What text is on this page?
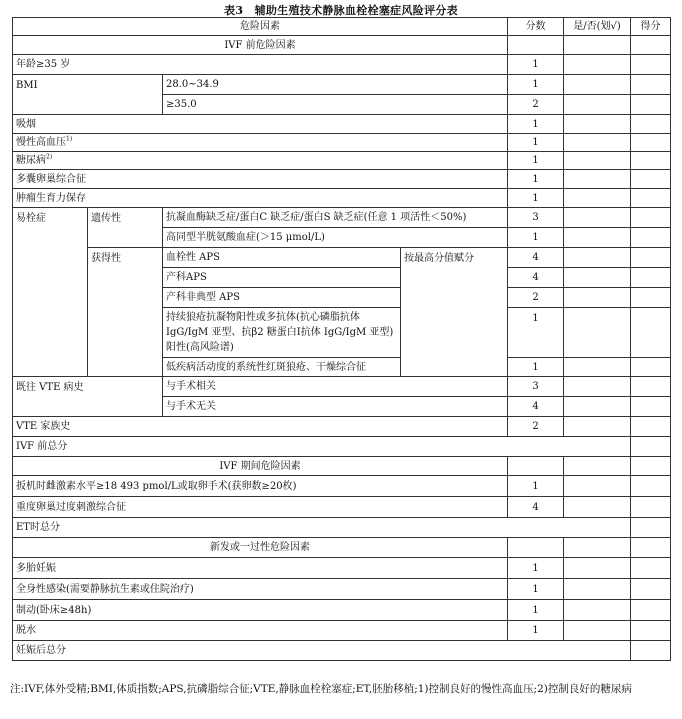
表3　辅助生殖技术静脉血栓栓塞症风险评分表
危险因素				分数	是/否(划√)	得分
IVF 前危险因素						
年龄≥35 岁				1		
BMI		28.0~34.9		1		
		≥35.0		2		
吸烟				1		
慢性高血压$^{1)}$				1		
糖尿病$^{2)}$				1		
多囊卵巢综合征				1		
肿瘤生育力保存				1		
易栓症	遗传性	抗凝血酶缺乏症/蛋白C 缺乏症/蛋白S 缺乏症(任意 1 项活性＜50%)		3		
		高同型半胱氨酸血症(＞15 μmol/L)		1		
	获得性	血栓性 APS	按最高分值赋分	4		
		产科APS		4		
		产科非典型 APS		2		
		持续狼疮抗凝物阳性或多抗体(抗心磷脂抗体 IgG/IgM 亚型、抗β2 糖蛋白Ⅰ抗体 IgG/IgM 亚型)阳性(高风险谱)		1		
		低疾病活动度的系统性红斑狼疮、干燥综合征		1		
既往 VTE 病史		与手术相关		3		
		与手术无关		4		
VTE 家族史				2		
IVF 前总分						
IVF 期间危险因素						
扳机时雌激素水平≥18 493 pmol/L或取卵手术(获卵数≥20枚)				1		
重度卵巢过度刺激综合征				4		
ET时总分						
新发或一过性危险因素						
多胎妊娠				1		
全身性感染(需要静脉抗生素或住院治疗)				1		
制动(卧床≥48h)				1		
脱水				1		
妊娠后总分						
注:IVF,体外受精;BMI,体质指数;APS,抗磷脂综合征;VTE,静脉血栓栓塞症;ET,胚胎移植;1)控制良好的慢性高血压;2)控制良好的糖尿病
